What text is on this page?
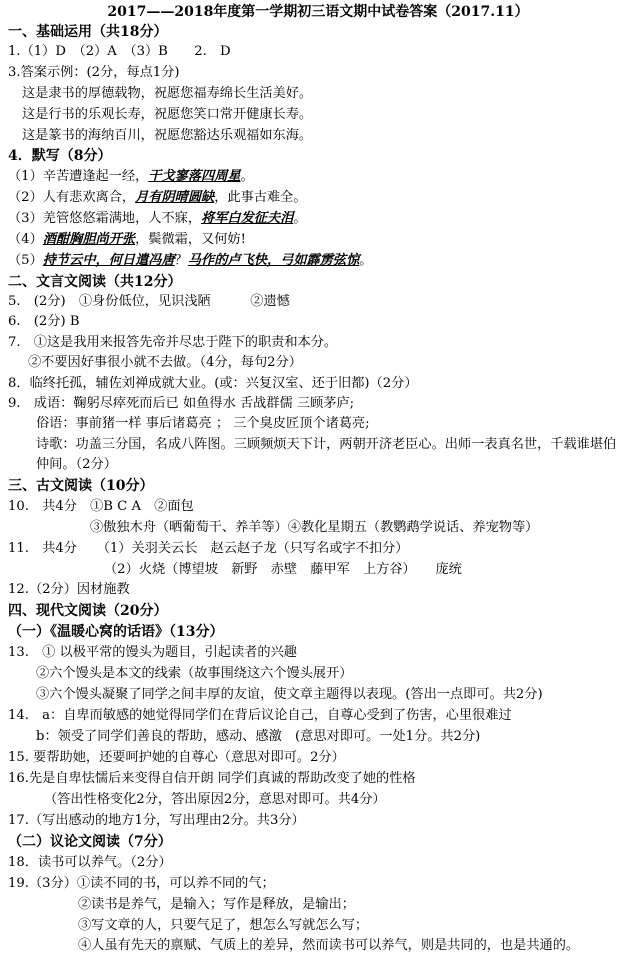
2017——2018年度第一学期初三语文期中试卷答案（2017.11）
一、基础运用（共18分）
1.（1）D　（2）A　（3）B　　2.　D
3.答案示例：(2分，每点1分)
这是隶书的厚德载物，祝愿您福寿绵长生活美好。
这是行书的乐观长寿，祝愿您笑口常开健康长寿。
这是篆书的海纳百川，祝愿您豁达乐观福如东海。
4．默写（8分）
（1）辛苦遭逢起一经，干戈寥落四周星。
（2）人有悲欢离合，月有阴晴圆缺，此事古难全。
（3）羌管悠悠霜满地，人不寐，将军白发征夫泪。
（4）酒酣胸胆尚开张，鬓微霜，又何妨!
（5）持节云中，何日遣冯唐？马作的卢飞快，弓如霹雳弦惊。
二、文言文阅读（共12分）
5.　(2分)　①身份低位，见识浅陋　　　②遗憾
6.　(2分) B
7.　①这是我用来报答先帝并尽忠于陛下的职责和本分。
②不要因好事很小就不去做。（4分，每句2分）
8．临终托孤，辅佐刘禅成就大业。(或：兴复汉室、还于旧都)（2分）
9.　成语：鞠躬尽瘁死而后已 如鱼得水 舌战群儒 三顾茅庐;
俗语：事前猪一样 事后诸葛亮 ； 三个臭皮匠顶个诸葛亮;
诗歌：功盖三分国，名成八阵图。三顾频烦天下计，两朝开济老臣心。出师一表真名世，千载谁堪伯仲间。（2分）
三、古文阅读（10分）
10.　共4分　①B C A　②面包
③傲独木舟（晒葡萄干、养羊等）④教化星期五（教鹦鹉学说话、养宠物等）
11.　共4分　　（1）关羽关云长　赵云赵子龙（只写名或字不扣分）
（2）火烧（博望坡　新野　赤壁　藤甲军　上方谷）　　庞统
12.（2分）因材施教
四、现代文阅读（20分）
（一）《温暖心窝的话语》（13分）
13.　① 以极平常的馒头为题目，引起读者的兴趣
②六个馒头是本文的线索（故事围绕这六个馒头展开）
③六个馒头凝聚了同学之间丰厚的友谊，使文章主题得以表现。(答出一点即可。共2分)
14.　a：自卑而敏感的她觉得同学们在背后议论自己，自尊心受到了伤害，心里很难过
b：领受了同学们善良的帮助，感动、感激　(意思对即可。一处1分。共2分)
15. 要帮助她，还要呵护她的自尊心（意思对即可。2分）
16.先是自卑怯懦后来变得自信开朗 同学们真诚的帮助改变了她的性格
（答出性格变化2分，答出原因2分，意思对即可。共4分）
17.（写出感动的地方1分，写出理由2分。共3分）
（二）议论文阅读（7分）
18．读书可以养气。（2分）
19.（3分）①读不同的书，可以养不同的气；
②读书是养气，是输入；写作是释放，是输出；
③写文章的人，只要气足了，想怎么写就怎么写；
④人虽有先天的禀赋、气质上的差异，然而读书可以养气，则是共同的，也是共通的。
